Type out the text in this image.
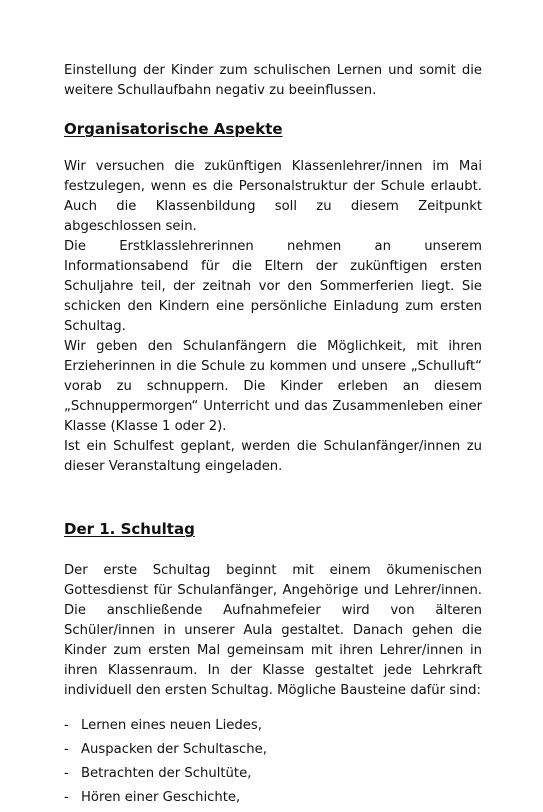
Einstellung der Kinder zum schulischen Lernen und somit die weitere Schullaufbahn negativ zu beeinflussen.

Organisatorische Aspekte

Wir versuchen die zukünftigen Klassenlehrer/innen im Mai festzulegen, wenn es die Personalstruktur der Schule erlaubt. Auch die Klassenbildung soll zu diesem Zeitpunkt abgeschlossen sein.

Die Erstklasslehrerinnen nehmen an unserem Informationsabend für die Eltern der zukünftigen ersten Schuljahre teil, der zeitnah vor den Sommerferien liegt. Sie schicken den Kindern eine persönliche Einladung zum ersten Schultag.

Wir geben den Schulanfängern die Möglichkeit, mit ihren Erzieherinnen in die Schule zu kommen und unsere „Schulluft“ vorab zu schnuppern. Die Kinder erleben an diesem „Schnuppermorgen“ Unterricht und das Zusammenleben einer Klasse (Klasse 1 oder 2).

Ist ein Schulfest geplant, werden die Schulanfänger/innen zu dieser Veranstaltung eingeladen.

Der 1. Schultag

Der erste Schultag beginnt mit einem ökumenischen Gottesdienst für Schulanfänger, Angehörige und Lehrer/innen. Die anschließende Aufnahmefeier wird von älteren Schüler/innen in unserer Aula gestaltet. Danach gehen die Kinder zum ersten Mal gemeinsam mit ihren Lehrer/innen in ihren Klassenraum. In der Klasse gestaltet jede Lehrkraft individuell den ersten Schultag. Mögliche Bausteine dafür sind:

- Lernen eines neuen Liedes,
- Auspacken der Schultasche,
- Betrachten der Schultüte,
- Hören einer Geschichte,
